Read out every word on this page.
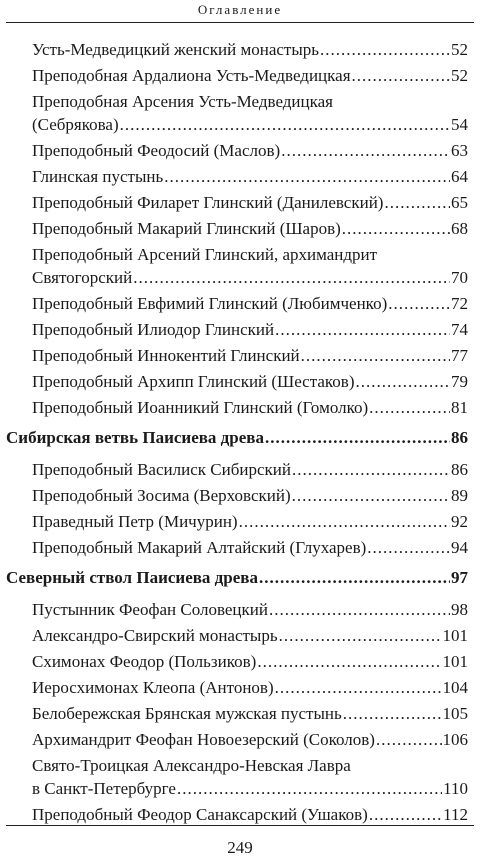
Оглавление
Усть-Медведицкий женский монастырь .....	52
Преподобная Ардалиона Усть-Медведицкая .....	52
Преподобная Арсения Усть-Медведицкая
(Себрякова) .....	54
Преподобный Феодосий (Маслов) .....	63
Глинская пустынь .....	64
Преподобный Филарет Глинский (Данилевский) .....	65
Преподобный Макарий Глинский (Шаров) .....	68
Преподобный Арсений Глинский, архимандрит
Святогорский .....	70
Преподобный Евфимий Глинский (Любимченко) .....	72
Преподобный Илиодор Глинский .....	74
Преподобный Иннокентий Глинский .....	77
Преподобный Архипп Глинский (Шестаков) .....	79
Преподобный Иоанникий Глинский (Гомолко) .....	81
Сибирская ветвь Паисиева древа .....	86
Преподобный Василиск Сибирский .....	86
Преподобный Зосима (Верховский) .....	89
Праведный Петр (Мичурин) .....	92
Преподобный Макарий Алтайский (Глухарев) .....	94
Северный ствол Паисиева древа .....	97
Пустынник Феофан Соловецкий .....	98
Александро-Свирский монастырь .....	101
Схимонах Феодор (Пользиков) .....	101
Иеросхимонах Клеопа (Антонов) .....	104
Белобережская Брянская мужская пустынь .....	105
Архимандрит Феофан Новоезерский (Соколов) .....	106
Свято-Троицкая Александро-Невская Лавра
в Санкт-Петербурге .....	110
Преподобный Феодор Санаксарский (Ушаков) .....	112
249
